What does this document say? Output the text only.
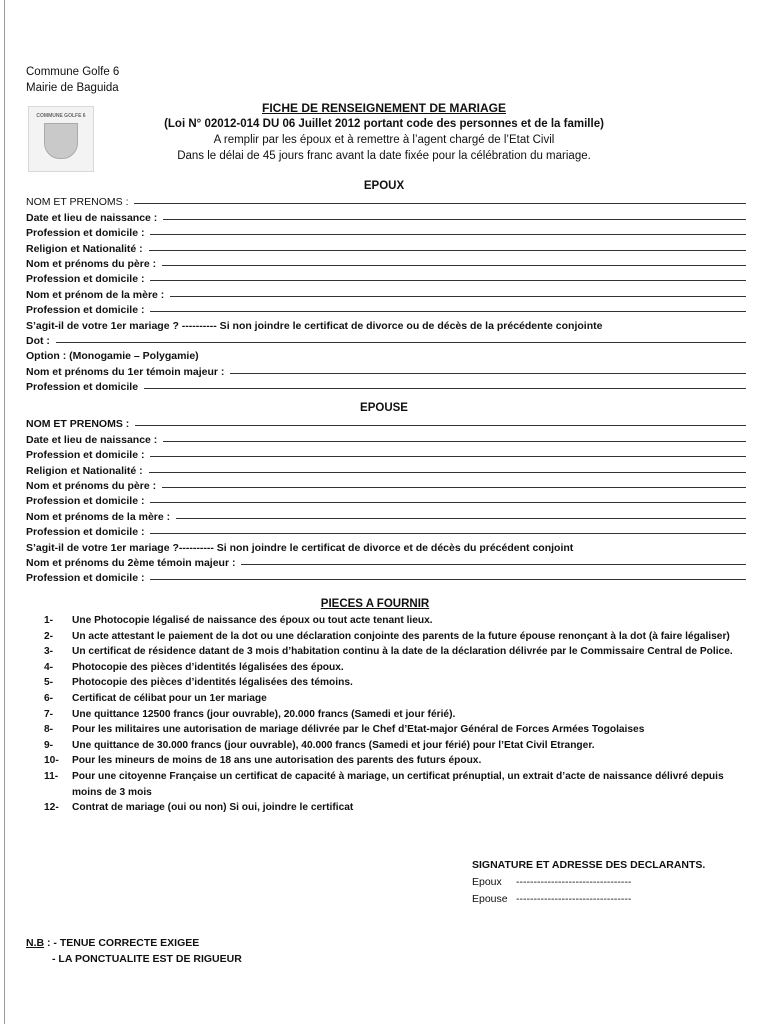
Commune Golfe 6
Mairie de Baguida
COMMUNE GOLFE 6
FICHE DE RENSEIGNEMENT DE MARIAGE
(Loi N° 02012-014 DU 06 Juillet 2012 portant code des personnes et de la famille)
A remplir par les époux et à remettre à l’agent chargé de l’Etat Civil
Dans le délai de 45 jours franc avant la date fixée pour la célébration du mariage.
EPOUX
NOM ET PRENOMS :
Date et lieu de naissance :
Profession et domicile :
Religion et Nationalité :
Nom et prénoms du père :
Profession et domicile :
Nom et prénom de la mère :
Profession et domicile :
S’agit-il de votre 1er mariage ? ---------- Si non joindre le certificat de divorce ou de décès de la précédente conjointe
Dot :
Option : (Monogamie – Polygamie)
Nom et prénoms du 1er témoin majeur :
Profession et domicile
EPOUSE
NOM ET PRENOMS :
Date et lieu de naissance :
Profession et domicile :
Religion et Nationalité :
Nom et prénoms du père :
Profession et domicile :
Nom et prénoms de la mère :
Profession et domicile :
S’agit-il de votre 1er mariage ?---------- Si non joindre le certificat de divorce et de décès du précédent conjoint
Nom et prénoms du 2ème témoin majeur :
Profession et domicile :
PIECES A FOURNIR
1-	Une Photocopie légalisé de naissance des époux ou tout acte tenant lieux.
2-	Un acte attestant le paiement de la dot ou une déclaration conjointe des parents de la future épouse renonçant à la dot (à faire légaliser)
3-	Un certificat de résidence datant de 3 mois d’habitation continu à la date de la déclaration délivrée par le Commissaire Central de Police.
4-	Photocopie des pièces d’identités légalisées des époux.
5-	Photocopie des pièces d’identités légalisées des témoins.
6-	Certificat de célibat pour un 1er mariage
7-	Une quittance 12500 francs (jour ouvrable), 20.000 francs (Samedi et jour férié).
8-	Pour les militaires une autorisation de mariage délivrée par le Chef d’Etat-major Général de Forces Armées Togolaises
9-	Une quittance de 30.000 francs (jour ouvrable), 40.000 francs (Samedi et jour férié) pour l’Etat Civil Etranger.
10-	Pour les mineurs de moins de 18 ans une autorisation des parents des futurs époux.
11-	Pour une citoyenne Française un certificat de capacité à mariage, un certificat prénuptial, un extrait d’acte de naissance délivré depuis moins de 3 mois
12-	Contrat de mariage (oui ou non) Si oui, joindre le certificat
SIGNATURE ET ADRESSE DES DECLARANTS.
Epoux	---------------------------------
Epouse ---------------------------------
N.B : - TENUE CORRECTE EXIGEE
- LA PONCTUALITE EST DE RIGUEUR
